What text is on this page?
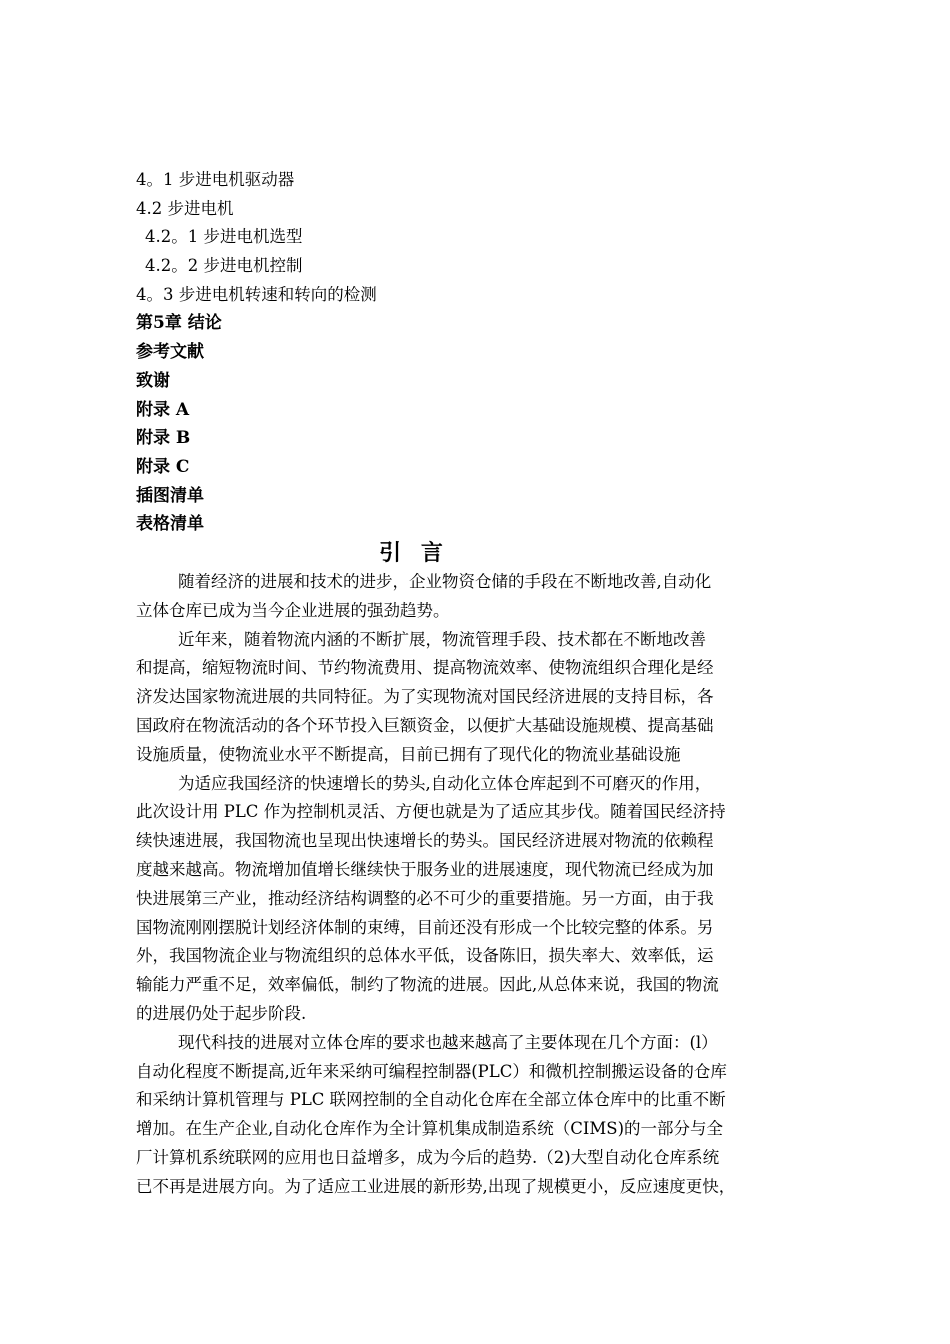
4。1 步进电机驱动器
4.2 步进电机
4.2。1 步进电机选型
4.2。2 步进电机控制
4。3 步进电机转速和转向的检测
第5章 结论
参考文献
致谢
附录 A
附录 B
附录 C
插图清单
表格清单
引 言

随着经济的进展和技术的进步，企业物资仓储的手段在不断地改善,自动化
立体仓库已成为当今企业进展的强劲趋势。

近年来，随着物流内涵的不断扩展，物流管理手段、技术都在不断地改善
和提高，缩短物流时间、节约物流费用、提高物流效率、使物流组织合理化是经
济发达国家物流进展的共同特征。为了实现物流对国民经济进展的支持目标，各
国政府在物流活动的各个环节投入巨额资金，以便扩大基础设施规模、提高基础
设施质量，使物流业水平不断提高，目前已拥有了现代化的物流业基础设施

为适应我国经济的快速增长的势头,自动化立体仓库起到不可磨灭的作用，
此次设计用 PLC 作为控制机灵活、方便也就是为了适应其步伐。随着国民经济持
续快速进展，我国物流也呈现出快速增长的势头。国民经济进展对物流的依赖程
度越来越高。物流增加值增长继续快于服务业的进展速度，现代物流已经成为加
快进展第三产业，推动经济结构调整的必不可少的重要措施。另一方面，由于我
国物流刚刚摆脱计划经济体制的束缚，目前还没有形成一个比较完整的体系。另
外，我国物流企业与物流组织的总体水平低，设备陈旧，损失率大、效率低，运
输能力严重不足，效率偏低，制约了物流的进展。因此,从总体来说，我国的物流
的进展仍处于起步阶段.

现代科技的进展对立体仓库的要求也越来越高了主要体现在几个方面：(l）
自动化程度不断提高,近年来采纳可编程控制器(PLC）和微机控制搬运设备的仓库
和采纳计算机管理与 PLC 联网控制的全自动化仓库在全部立体仓库中的比重不断
增加。在生产企业,自动化仓库作为全计算机集成制造系统（CIMS)的一部分与全
厂计算机系统联网的应用也日益增多，成为今后的趋势.（2)大型自动化仓库系统
已不再是进展方向。为了适应工业进展的新形势,出现了规模更小，反应速度更快，
